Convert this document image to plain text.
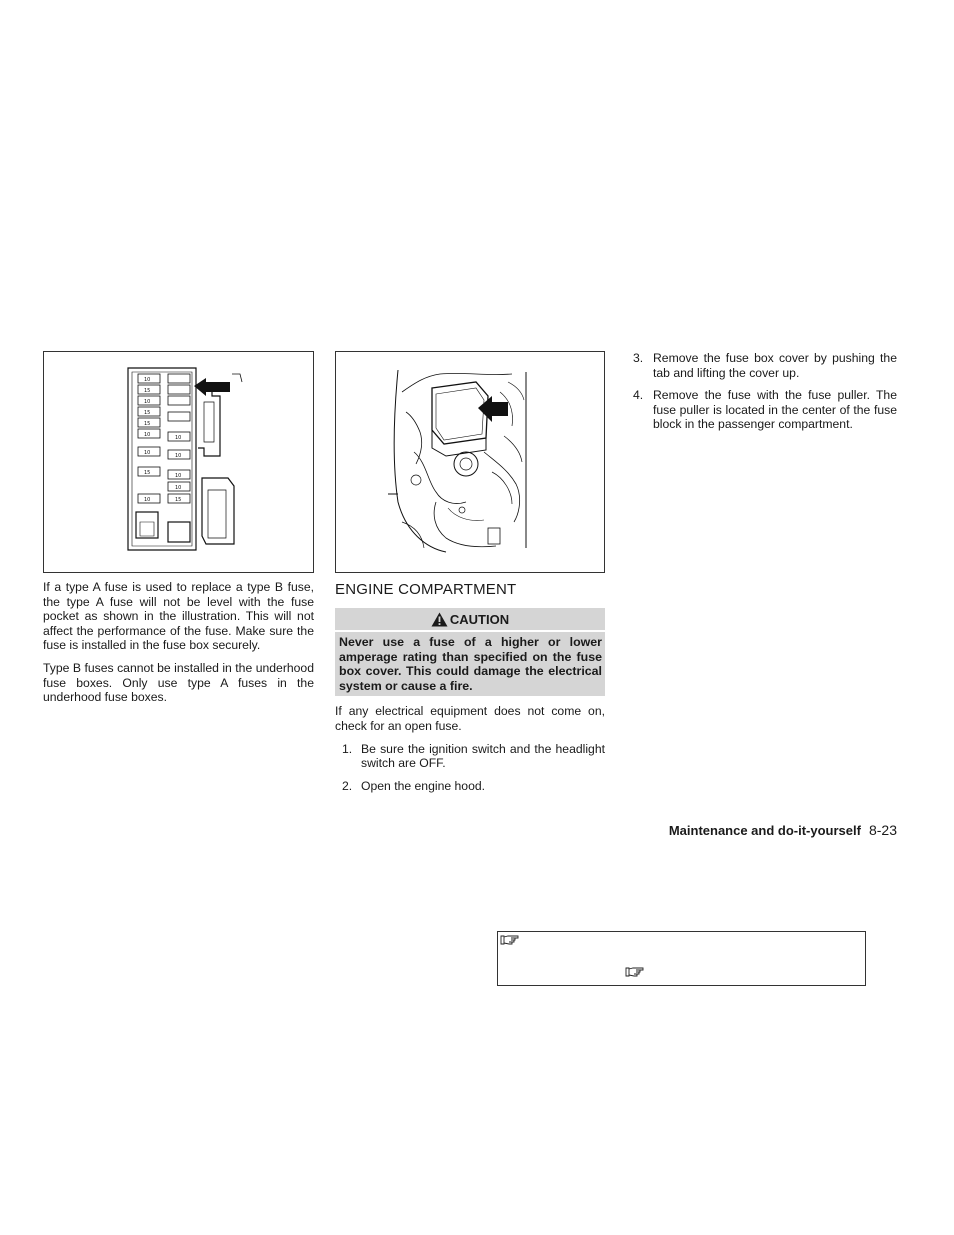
10
15
10
15
15
10
10
15
10
10
10
10
10
15

If a type A fuse is used to replace a type B fuse, the type A fuse will not be level with the fuse pocket as shown in the illustration. This will not affect the performance of the fuse. Make sure the fuse is installed in the fuse box securely.

Type B fuses cannot be installed in the underhood fuse boxes. Only use type A fuses in the underhood fuse boxes.

ENGINE COMPARTMENT
CAUTION
Never use a fuse of a higher or lower amperage rating than specified on the fuse box cover. This could damage the electrical system or cause a fire.

If any electrical equipment does not come on, check for an open fuse.

1. Be sure the ignition switch and the headlight switch are OFF.
2. Open the engine hood.
3. Remove the fuse box cover by pushing the tab and lifting the cover up.
4. Remove the fuse with the fuse puller. The fuse puller is located in the center of the fuse block in the passenger compartment.
Maintenance and do-it-yourself 8-23
